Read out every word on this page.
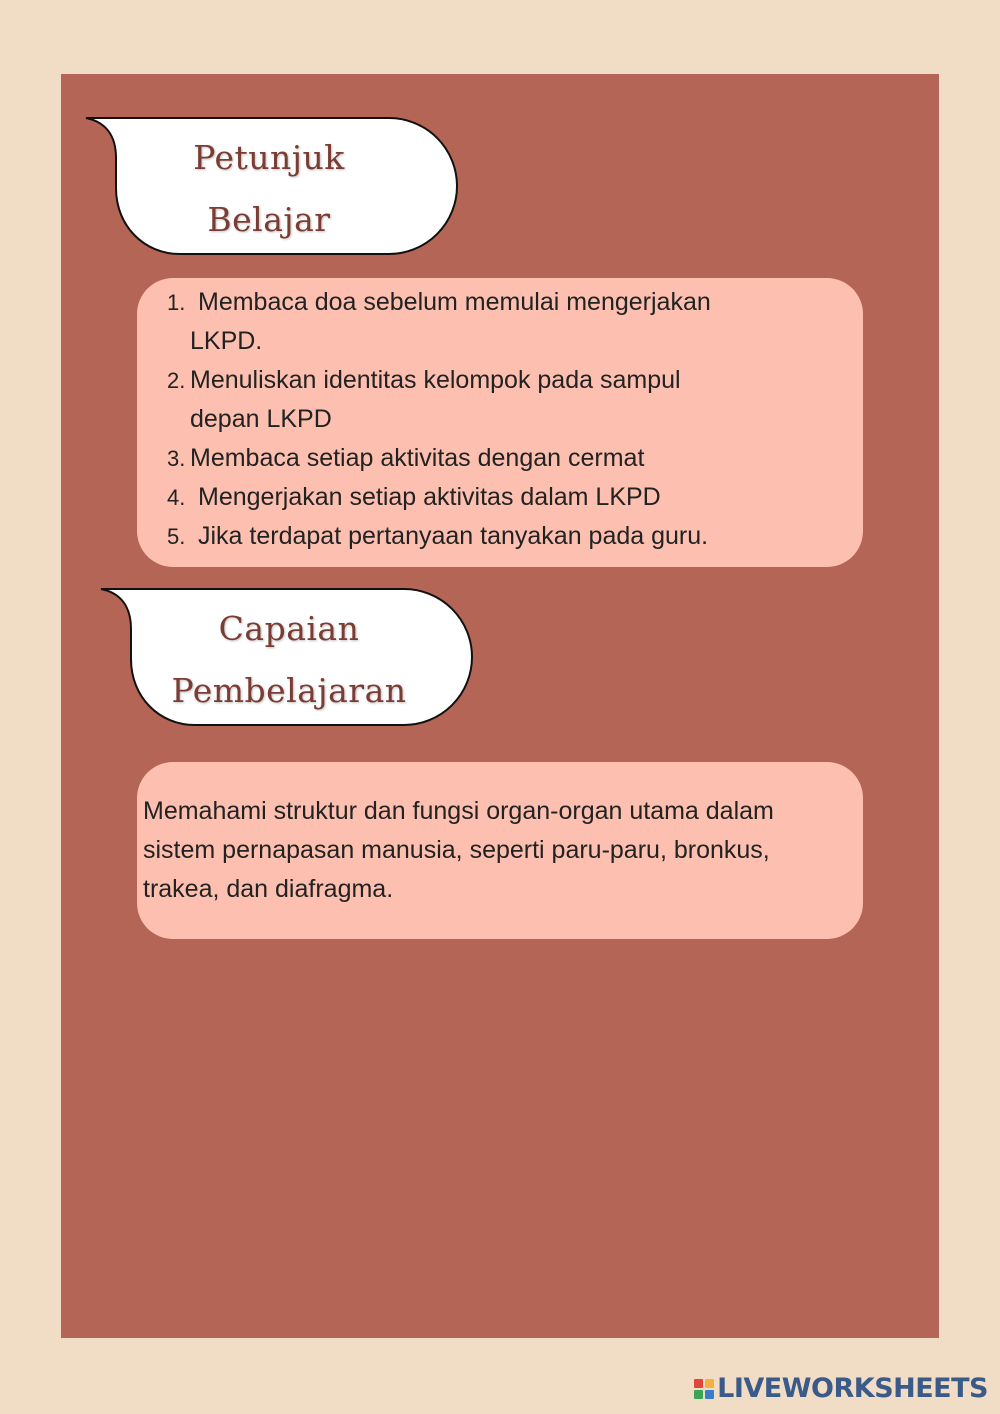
Petunjuk
Belajar
1. Membaca doa sebelum memulai mengerjakan
LKPD.
2. Menuliskan identitas kelompok pada sampul
depan LKPD
3. Membaca setiap aktivitas dengan cermat
4. Mengerjakan setiap aktivitas dalam LKPD
5. Jika terdapat pertanyaan tanyakan pada guru.
Capaian
Pembelajaran
Memahami struktur dan fungsi organ-organ utama dalam sistem pernapasan manusia, seperti paru-paru, bronkus, trakea, dan diafragma.
LIVEWORKSHEETS
